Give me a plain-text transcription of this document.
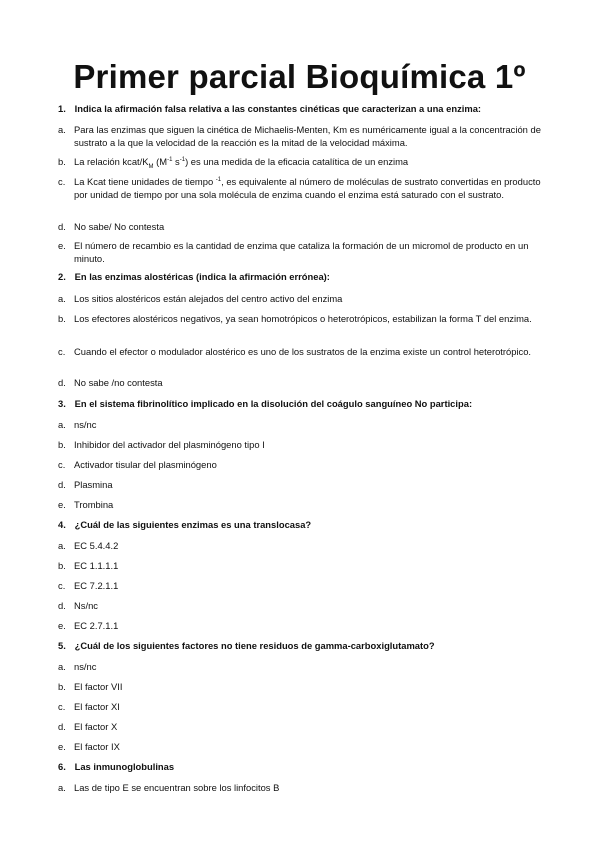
Primer parcial Bioquímica 1º
1. Indica la afirmación falsa relativa a las constantes cinéticas que caracterizan a una enzima:
a. Para las enzimas que siguen la cinética de Michaelis-Menten, Km es numéricamente igual a la concentración de sustrato a la que la velocidad de la reacción es la mitad de la velocidad máxima.
b. La relación kcat/$K_M$ ($M^{-1}$ $s^{-1}$) es una medida de la eficacia catalítica de un enzima
c. La Kcat tiene unidades de tiempo $^{-1}$, es equivalente al número de moléculas de sustrato convertidas en producto por unidad de tiempo por una sola molécula de enzima cuando el enzima está saturado con el sustrato.
d. No sabe/ No contesta
e. El número de recambio es la cantidad de enzima que cataliza la formación de un micromol de producto en un minuto.
2. En las enzimas alostéricas (indica la afirmación errónea):
a. Los sitios alostéricos están alejados del centro activo del enzima
b. Los efectores alostéricos negativos, ya sean homotrópicos o heterotrópicos, estabilizan la forma T del enzima.
c. Cuando el efector o modulador alostérico es uno de los sustratos de la enzima existe un control heterotrópico.
d. No sabe /no contesta
3. En el sistema fibrinolítico implicado en la disolución del coágulo sanguíneo No participa:
a. ns/nc
b. Inhibidor del activador del plasminógeno tipo I
c. Activador tisular del plasminógeno
d. Plasmina
e. Trombina
4. ¿Cuál de las siguientes enzimas es una translocasa?
a. EC 5.4.4.2
b. EC 1.1.1.1
c. EC 7.2.1.1
d. Ns/nc
e. EC 2.7.1.1
5. ¿Cuál de los siguientes factores no tiene residuos de gamma-carboxiglutamato?
a. ns/nc
b. El factor VII
c. El factor XI
d. El factor X
e. El factor IX
6. Las inmunoglobulinas
a. Las de tipo E se encuentran sobre los linfocitos B
